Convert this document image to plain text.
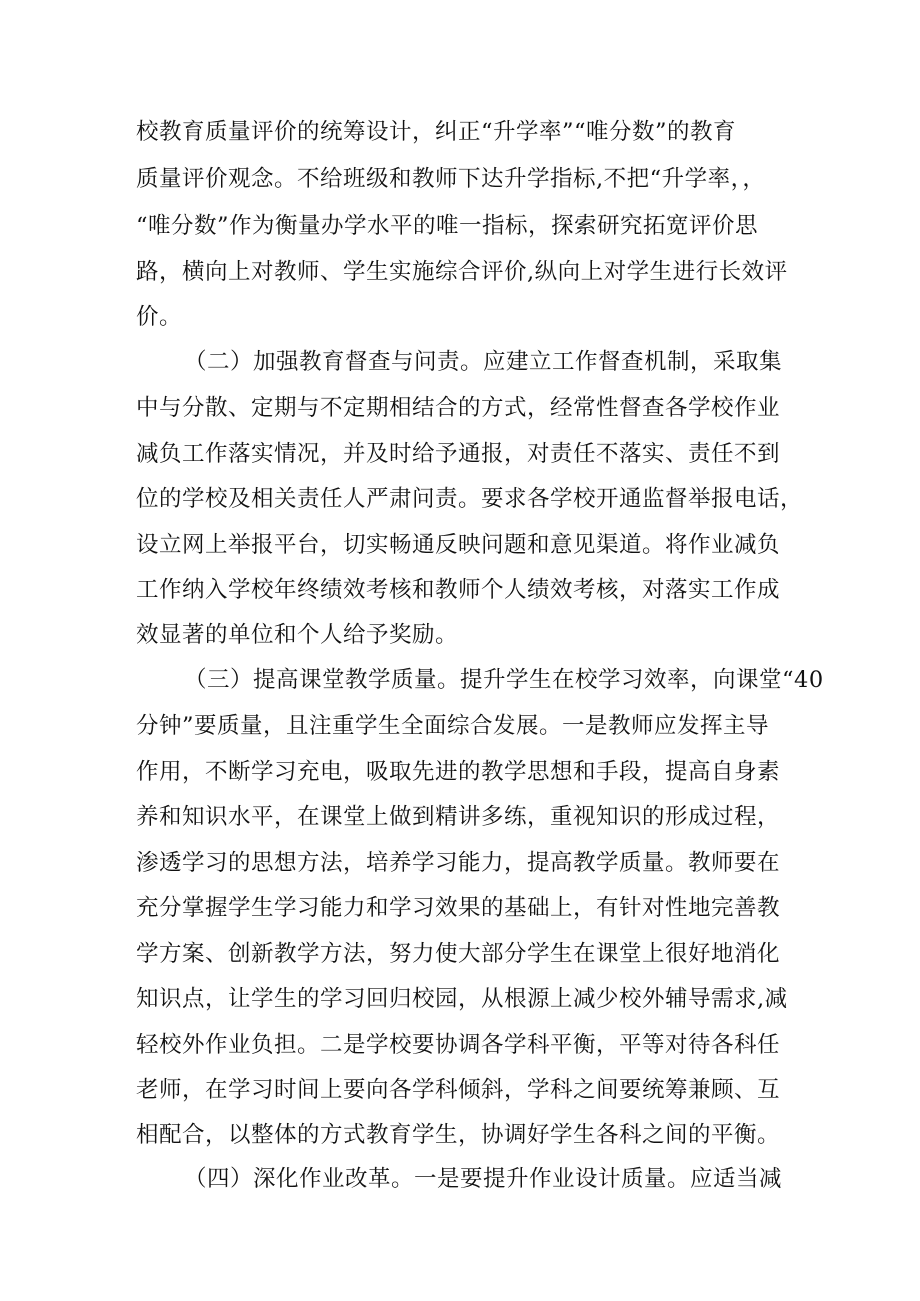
校教育质量评价的统筹设计，纠正“升学率”“唯分数”的教育
质量评价观念。不给班级和教师下达升学指标,不把“升学率，，
“唯分数”作为衡量办学水平的唯一指标，探索研究拓宽评价思
路，横向上对教师、学生实施综合评价,纵向上对学生进行长效评
价。
（二）加强教育督查与问责。应建立工作督查机制，采取集
中与分散、定期与不定期相结合的方式，经常性督查各学校作业
减负工作落实情况，并及时给予通报，对责任不落实、责任不到
位的学校及相关责任人严肃问责。要求各学校开通监督举报电话，
设立网上举报平台，切实畅通反映问题和意见渠道。将作业减负
工作纳入学校年终绩效考核和教师个人绩效考核，对落实工作成
效显著的单位和个人给予奖励。
（三）提高课堂教学质量。提升学生在校学习效率，向课堂“40
分钟”要质量，且注重学生全面综合发展。一是教师应发挥主导
作用，不断学习充电，吸取先进的教学思想和手段，提高自身素
养和知识水平，在课堂上做到精讲多练，重视知识的形成过程，
渗透学习的思想方法，培养学习能力，提高教学质量。教师要在
充分掌握学生学习能力和学习效果的基础上，有针对性地完善教
学方案、创新教学方法，努力使大部分学生在课堂上很好地消化
知识点，让学生的学习回归校园，从根源上减少校外辅导需求,减
轻校外作业负担。二是学校要协调各学科平衡，平等对待各科任
老师，在学习时间上要向各学科倾斜，学科之间要统筹兼顾、互
相配合，以整体的方式教育学生，协调好学生各科之间的平衡。
（四）深化作业改革。一是要提升作业设计质量。应适当减
